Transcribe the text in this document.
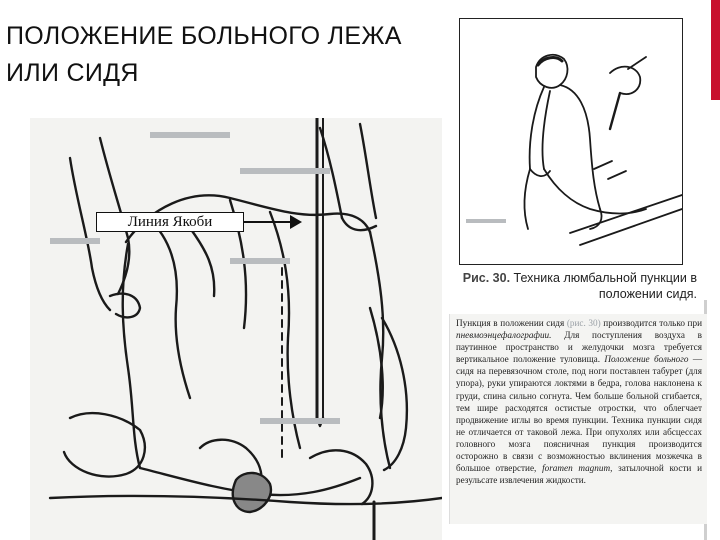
ПОЛОЖЕНИЕ БОЛЬНОГО ЛЕЖА ИЛИ СИДЯ
Линия Якоби
Рис. 30. Техника люмбальной пункции в положении сидя.
Пункция в положении сидя (рис. 30) производится только при пневмоэнцефалографии. Для поступления воздуха в паутинное пространство и желудочки мозга требуется вертикальное положение туловища. Положение больного — сидя на перевязочном столе, под ноги поставлен табурет (для упора), руки упираются локтями в бедра, голова наклонена к груди, спина сильно согнута. Чем больше больной сгибается, тем шире расходятся остистые отростки, что облегчает продвижение иглы во время пункции. Техника пункции сидя не отличается от таковой лежа. При опухолях или абсцессах головного мозга поясничная пункция производится осторожно в связи с возможностью вклинения мозжечка в большое отверстие, foramen magnum, затылочной кости и резульсате извлечения жидкости.
